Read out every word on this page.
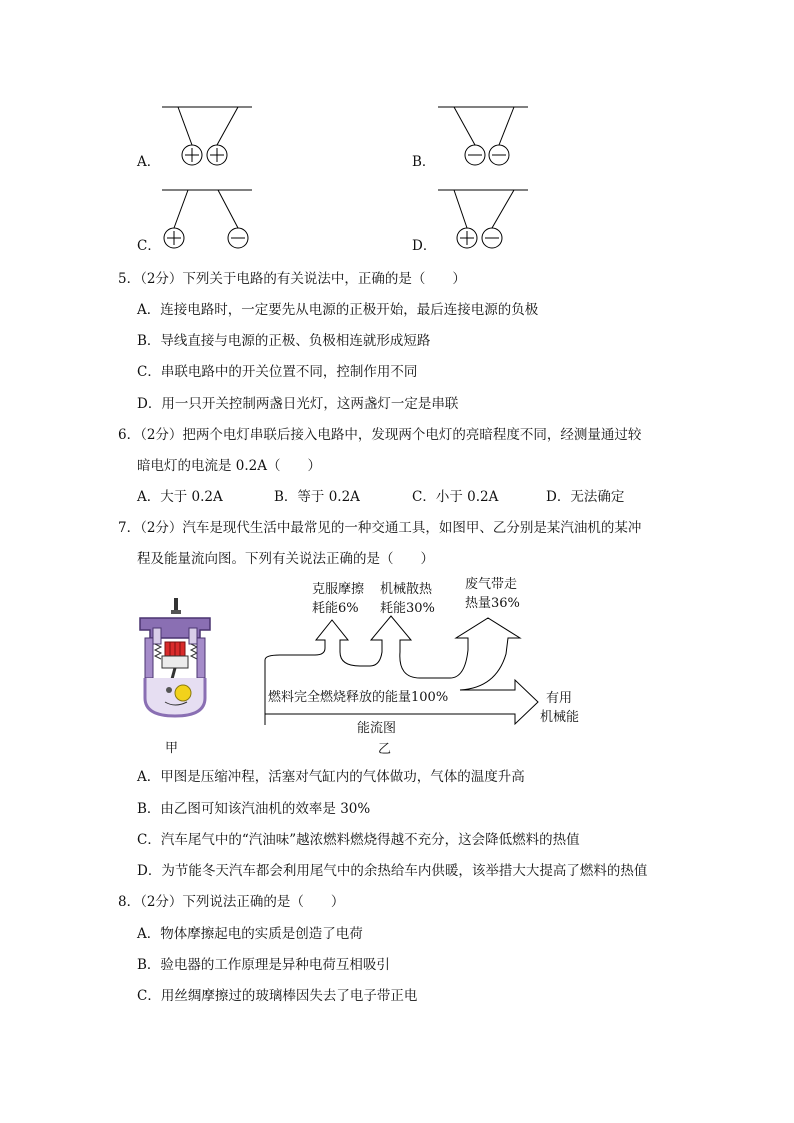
A．	B．
C．	D．
5．（2分）下列关于电路的有关说法中，正确的是（　　）
A．连接电路时，一定要先从电源的正极开始，最后连接电源的负极
B．导线直接与电源的正极、负极相连就形成短路
C．串联电路中的开关位置不同，控制作用不同
D．用一只开关控制两盏日光灯，这两盏灯一定是串联
6．（2分）把两个电灯串联后接入电路中，发现两个电灯的亮暗程度不同，经测量通过较
暗电灯的电流是 0.2A（　　）
A．大于 0.2A	B．等于 0.2A	C．小于 0.2A	D．无法确定
7．（2分）汽车是现代生活中最常见的一种交通工具，如图甲、乙分别是某汽油机的某冲
程及能量流向图。下列有关说法正确的是（　　）
甲
克服摩擦
耗能6%
机械散热
耗能30%
废气带走
热量36%
燃料完全燃烧释放的能量100%	有用
机械能
能流图
乙
A．甲图是压缩冲程，活塞对气缸内的气体做功，气体的温度升高
B．由乙图可知该汽油机的效率是 30%
C．汽车尾气中的“汽油味”越浓燃料燃烧得越不充分，这会降低燃料的热值
D．为节能冬天汽车都会利用尾气中的余热给车内供暖，该举措大大提高了燃料的热值
8．（2分）下列说法正确的是（　　）
A．物体摩擦起电的实质是创造了电荷
B．验电器的工作原理是异种电荷互相吸引
C．用丝绸摩擦过的玻璃棒因失去了电子带正电
